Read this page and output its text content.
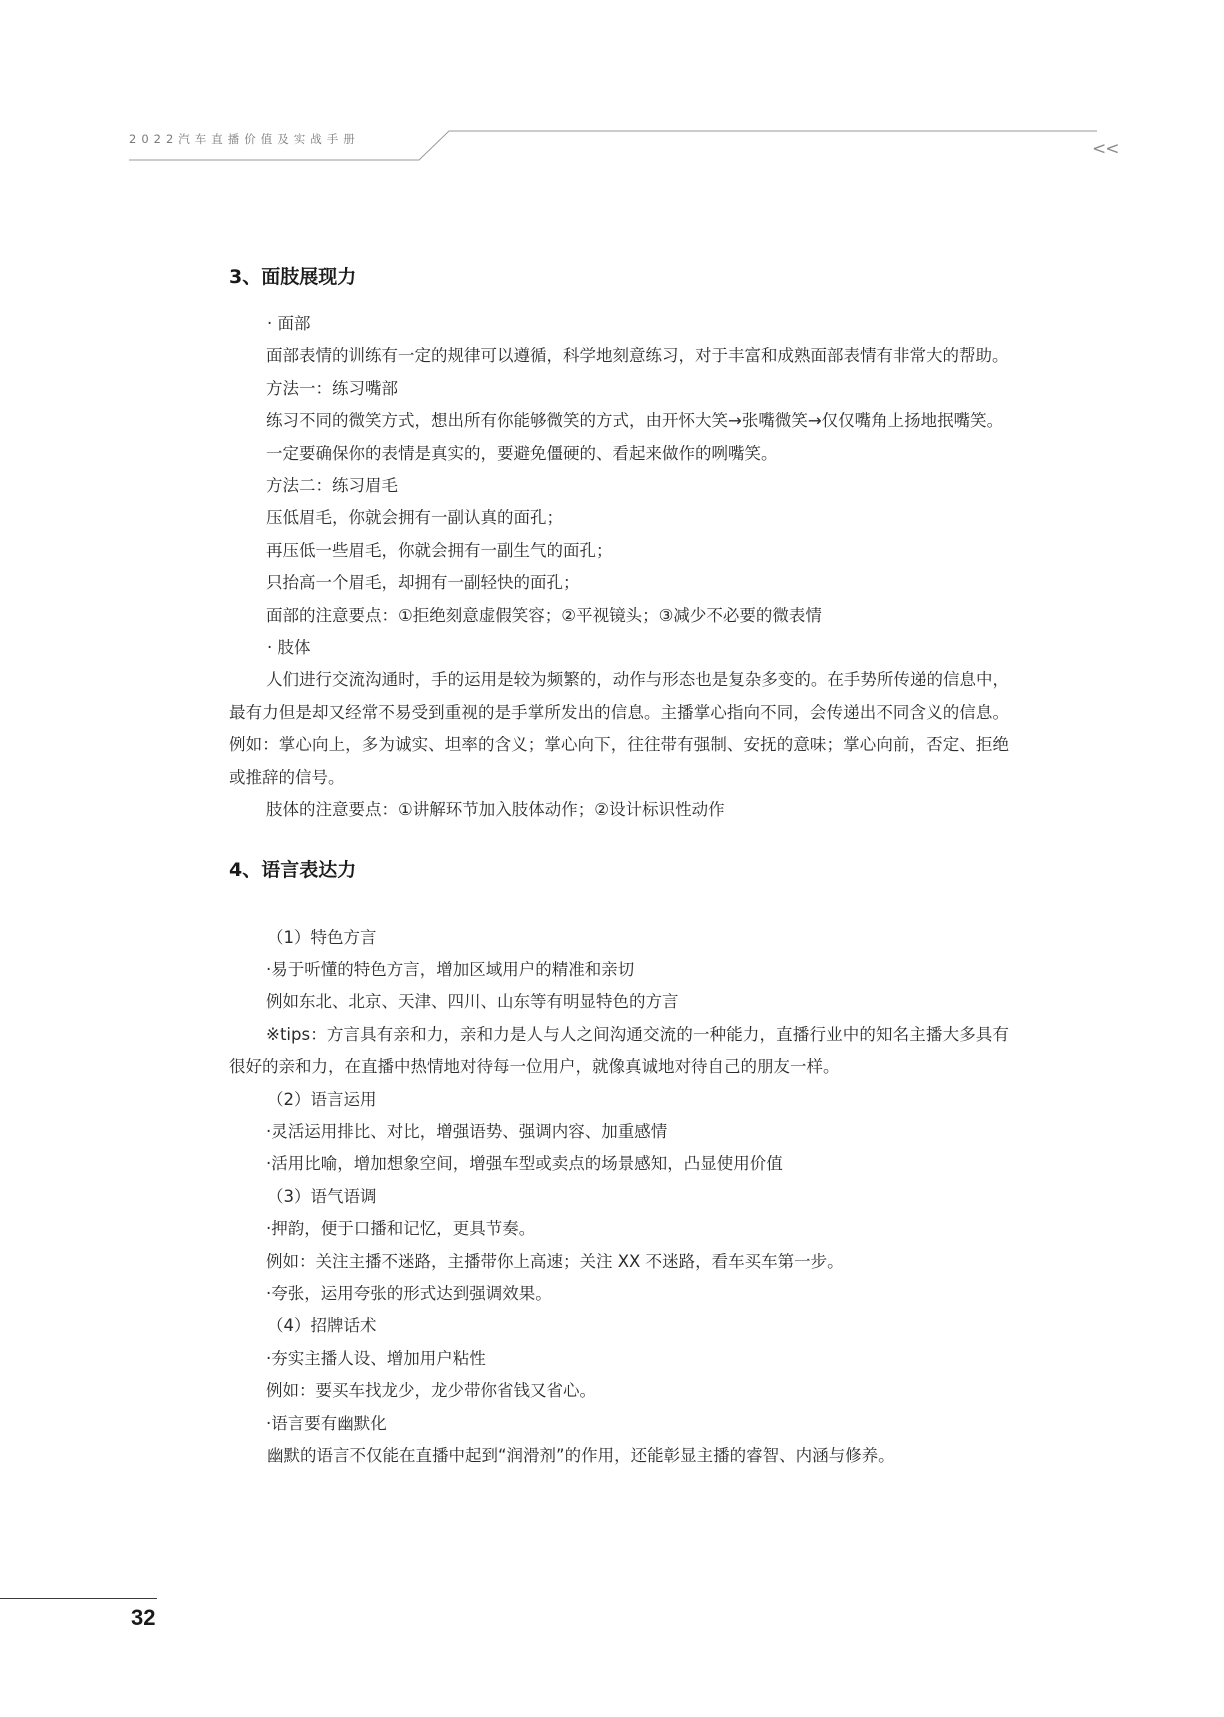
2022汽车直播价值及实战手册	<<
3、面肢展现力

· 面部

面部表情的训练有一定的规律可以遵循，科学地刻意练习，对于丰富和成熟面部表情有非常大的帮助。

方法一：练习嘴部

练习不同的微笑方式，想出所有你能够微笑的方式，由开怀大笑→张嘴微笑→仅仅嘴角上扬地抿嘴笑。

一定要确保你的表情是真实的，要避免僵硬的、看起来做作的咧嘴笑。

方法二：练习眉毛

压低眉毛，你就会拥有一副认真的面孔；

再压低一些眉毛，你就会拥有一副生气的面孔；

只抬高一个眉毛，却拥有一副轻快的面孔；

面部的注意要点：①拒绝刻意虚假笑容；②平视镜头；③减少不必要的微表情

· 肢体

人们进行交流沟通时，手的运用是较为频繁的，动作与形态也是复杂多变的。在手势所传递的信息中，最有力但是却又经常不易受到重视的是手掌所发出的信息。主播掌心指向不同，会传递出不同含义的信息。例如：掌心向上，多为诚实、坦率的含义；掌心向下，往往带有强制、安抚的意味；掌心向前，否定、拒绝或推辞的信号。

肢体的注意要点：①讲解环节加入肢体动作；②设计标识性动作

4、语言表达力

（1）特色方言

·易于听懂的特色方言，增加区域用户的精准和亲切

例如东北、北京、天津、四川、山东等有明显特色的方言

※tips：方言具有亲和力，亲和力是人与人之间沟通交流的一种能力，直播行业中的知名主播大多具有很好的亲和力，在直播中热情地对待每一位用户，就像真诚地对待自己的朋友一样。

（2）语言运用

·灵活运用排比、对比，增强语势、强调内容、加重感情

·活用比喻，增加想象空间，增强车型或卖点的场景感知，凸显使用价值

（3）语气语调

·押韵，便于口播和记忆，更具节奏。

例如：关注主播不迷路，主播带你上高速；关注 XX 不迷路，看车买车第一步。

·夸张，运用夸张的形式达到强调效果。

（4）招牌话术

·夯实主播人设、增加用户粘性

例如：要买车找龙少，龙少带你省钱又省心。

·语言要有幽默化

幽默的语言不仅能在直播中起到“润滑剂”的作用，还能彰显主播的睿智、内涵与修养。

32
